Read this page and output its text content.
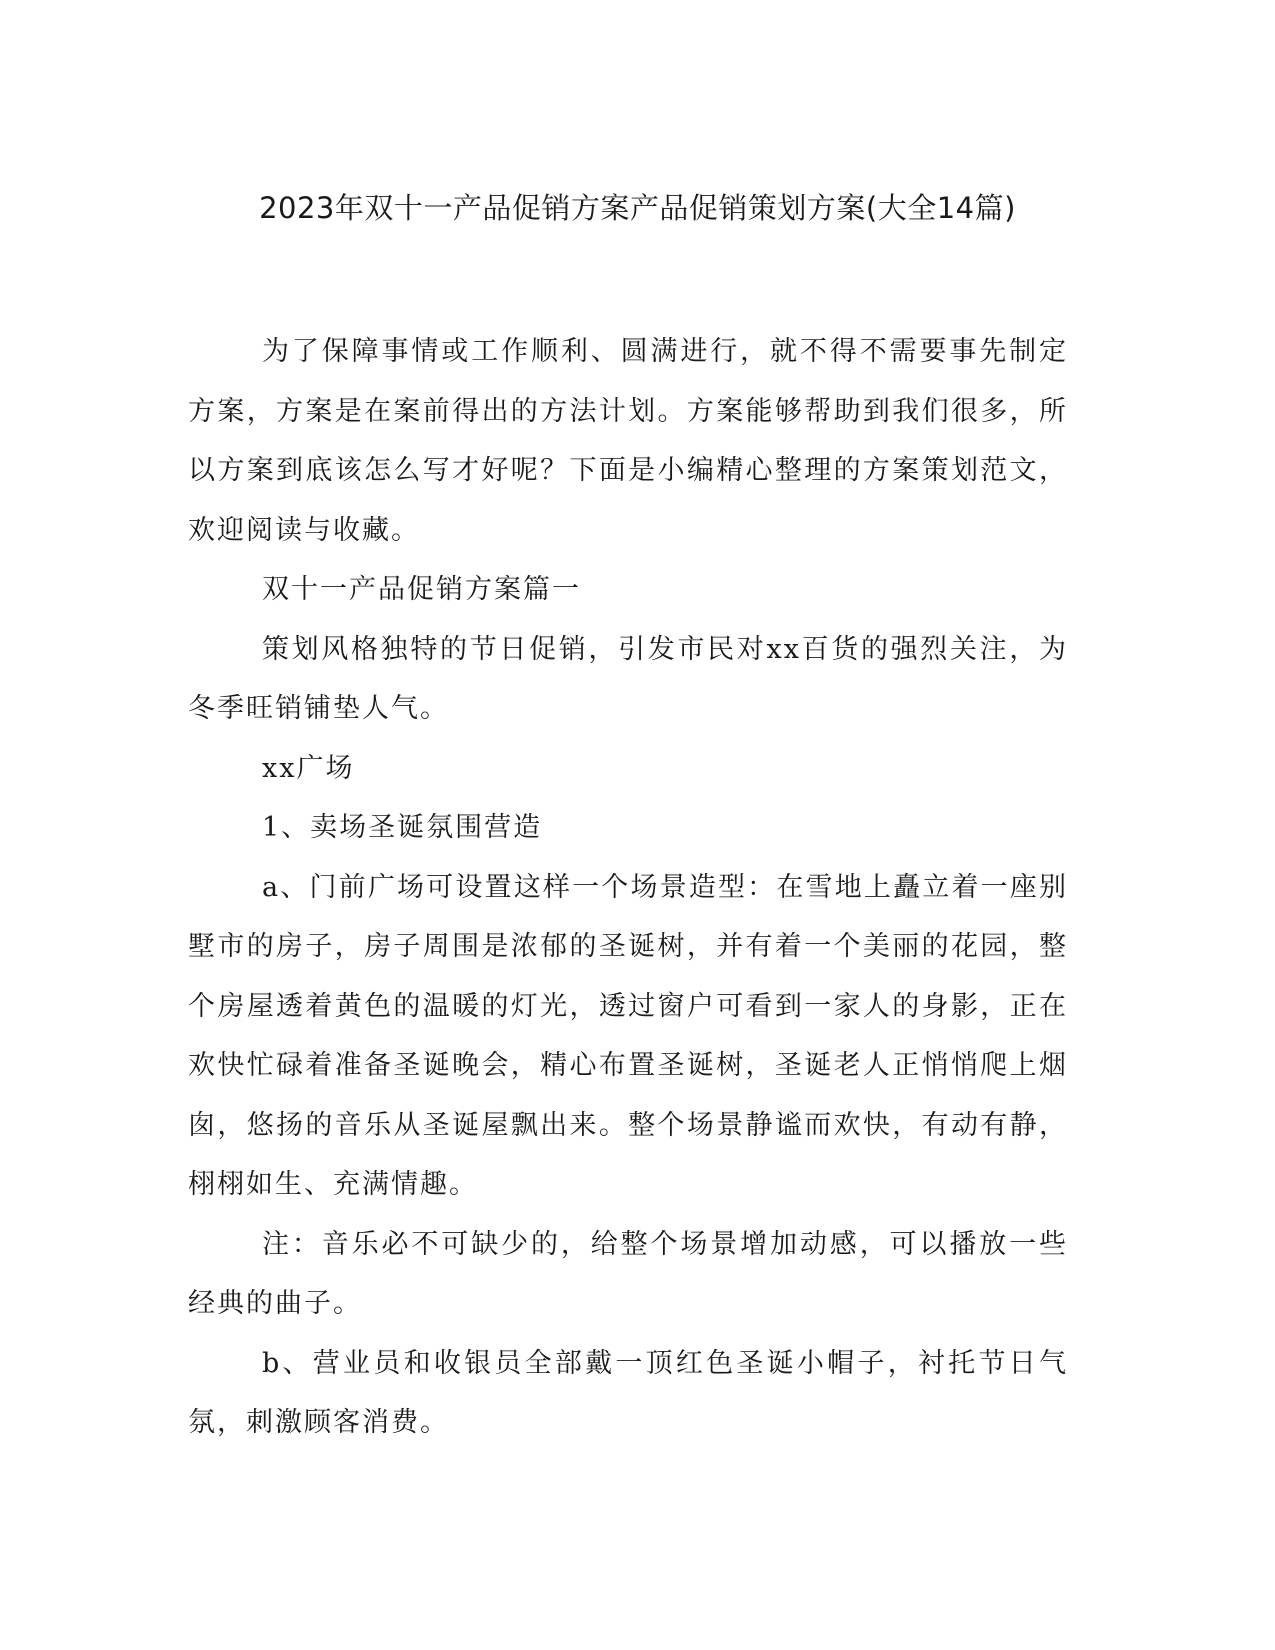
2023年双十一产品促销方案产品促销策划方案(大全14篇)

为了保障事情或工作顺利、圆满进行，就不得不需要事先制定方案，方案是在案前得出的方法计划。方案能够帮助到我们很多，所以方案到底该怎么写才好呢？下面是小编精心整理的方案策划范文，欢迎阅读与收藏。

双十一产品促销方案篇一

策划风格独特的节日促销，引发市民对xx百货的强烈关注，为冬季旺销铺垫人气。

xx广场

1、卖场圣诞氛围营造

a、门前广场可设置这样一个场景造型：在雪地上矗立着一座别墅市的房子，房子周围是浓郁的圣诞树，并有着一个美丽的花园，整个房屋透着黄色的温暖的灯光，透过窗户可看到一家人的身影，正在欢快忙碌着准备圣诞晚会，精心布置圣诞树，圣诞老人正悄悄爬上烟囱，悠扬的音乐从圣诞屋飘出来。整个场景静谧而欢快，有动有静，栩栩如生、充满情趣。

注：音乐必不可缺少的，给整个场景增加动感，可以播放一些经典的曲子。

b、营业员和收银员全部戴一顶红色圣诞小帽子，衬托节日气氛，刺激顾客消费。
